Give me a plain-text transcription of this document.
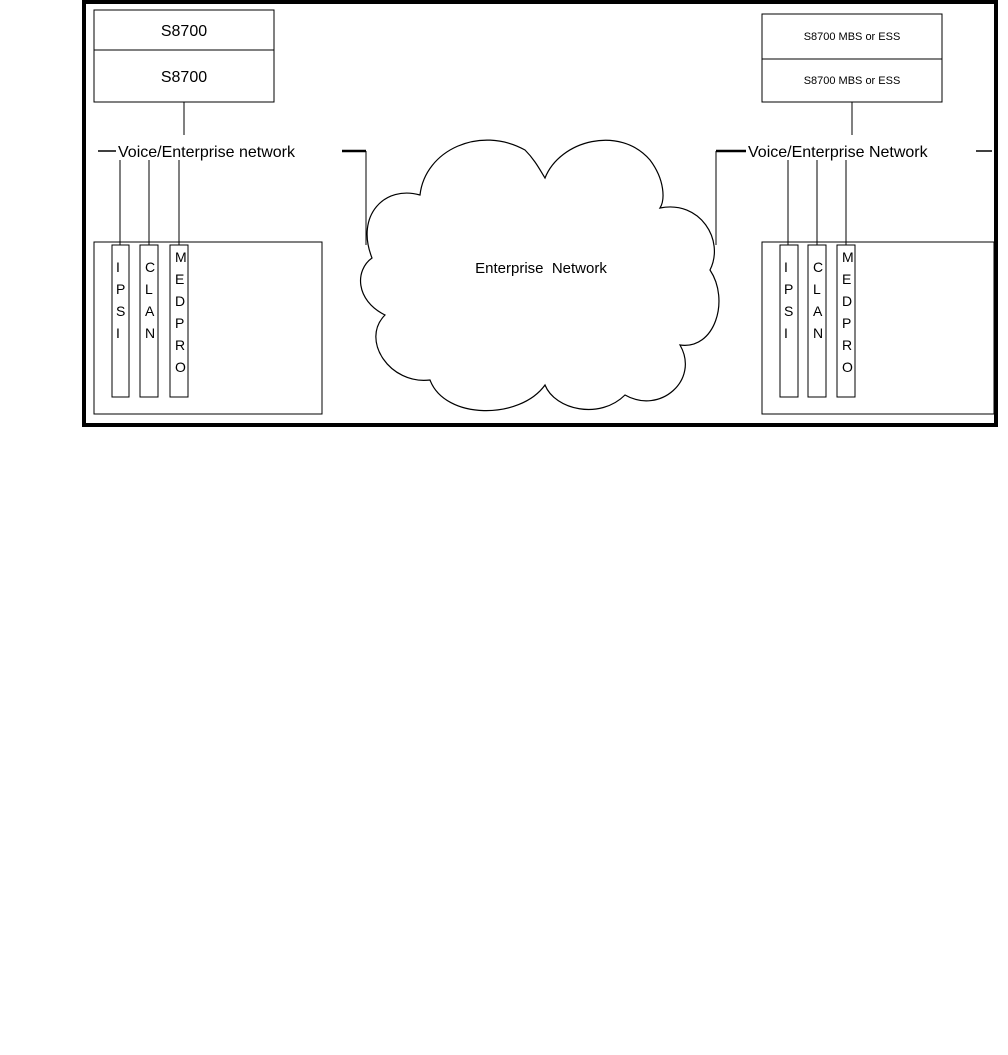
S8700
S8700
Voice/Enterprise network
I
P
S
I
C
L
A
N
M
E
D
P
R
O
Enterprise  Network
S8700 MBS or ESS
S8700 MBS or ESS
Voice/Enterprise Network
I
P
S
I
C
L
A
N
M
E
D
P
R
O
